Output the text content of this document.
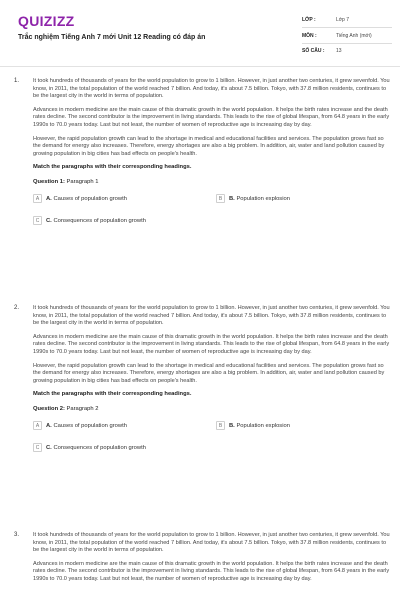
QUIZIZZ
Trắc nghiệm Tiếng Anh 7 mới Unit 12 Reading có đáp án
LỚP :	Lớp 7
MÔN :	Tiếng Anh (mới)
SỐ CÂU :	13
1. It took hundreds of thousands of years for the world population to grow to 1 billion. However, in just another two centuries, it grew sevenfold. You know, in 2011, the total population of the world reached 7 billion. And today, it's about 7.5 billion. Tokyo, with 37.8 million residents, continues to be the largest city in the world in terms of population.

Advances in modern medicine are the main cause of this dramatic growth in the world population. It helps the birth rates increase and the death rates decline. The second contributor is the improvement in living standards. This leads to the rise of global lifespan, from 64.8 years in the early 1990s to 70.0 years today. Last but not least, the number of women of reproductive age is increasing day by day.

However, the rapid population growth can lead to the shortage in medical and educational facilities and services. The population grows fast so the demand for energy also increases. Therefore, energy shortages are also a big problem. In addition, air, water and land pollution caused by growing population in big cities has bad effects on people's health.

Match the paragraphs with their corresponding headings.

Question 1: Paragraph 1

A	A. Causes of population growth	B	B. Population explosion
C	C. Consequences of population growth
2. It took hundreds of thousands of years for the world population to grow to 1 billion. However, in just another two centuries, it grew sevenfold. You know, in 2011, the total population of the world reached 7 billion. And today, it's about 7.5 billion. Tokyo, with 37.8 million residents, continues to be the largest city in the world in terms of population.

Advances in modern medicine are the main cause of this dramatic growth in the world population. It helps the birth rates increase and the death rates decline. The second contributor is the improvement in living standards. This leads to the rise of global lifespan, from 64.8 years in the early 1990s to 70.0 years today. Last but not least, the number of women of reproductive age is increasing day by day.

However, the rapid population growth can lead to the shortage in medical and educational facilities and services. The population grows fast so the demand for energy also increases. Therefore, energy shortages are also a big problem. In addition, air, water and land pollution caused by growing population in big cities has bad effects on people's health.

Match the paragraphs with their corresponding headings.

Question 2: Paragraph 2

A	A. Causes of population growth	B	B. Population explosion
C	C. Consequences of population growth
3. It took hundreds of thousands of years for the world population to grow to 1 billion. However, in just another two centuries, it grew sevenfold. You know, in 2011, the total population of the world reached 7 billion. And today, it's about 7.5 billion. Tokyo, with 37.8 million residents, continues to be the largest city in the world in terms of population.

Advances in modern medicine are the main cause of this dramatic growth in the world population. It helps the birth rates increase and the death rates decline. The second contributor is the improvement in living standards. This leads to the rise of global lifespan, from 64.8 years in the early 1990s to 70.0 years today. Last but not least, the number of women of reproductive age is increasing day by day.
